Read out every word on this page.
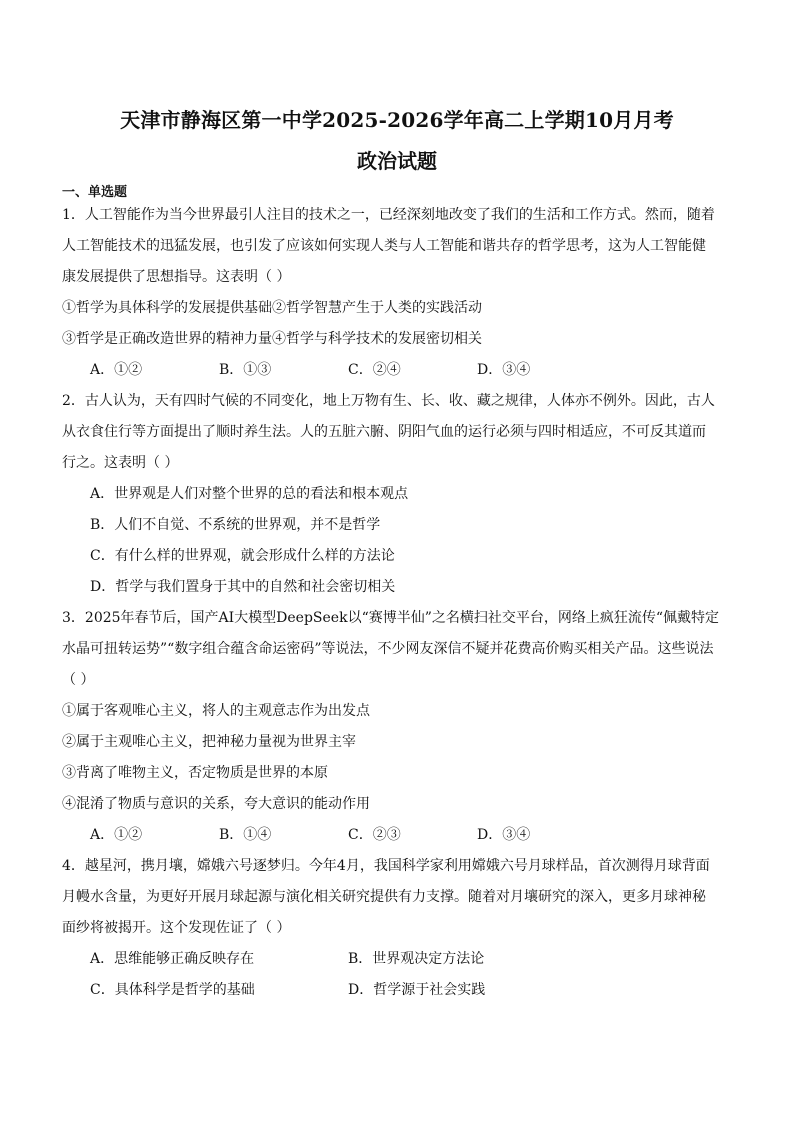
天津市静海区第一中学2025-2026学年高二上学期10月月考
政治试题
一、单选题

1．人工智能作为当今世界最引人注目的技术之一，已经深刻地改变了我们的生活和工作方式。然而，随着

人工智能技术的迅猛发展，也引发了应该如何实现人类与人工智能和谐共存的哲学思考，这为人工智能健

康发展提供了思想指导。这表明（ ）

①哲学为具体科学的发展提供基础②哲学智慧产生于人类的实践活动

③哲学是正确改造世界的精神力量④哲学与科学技术的发展密切相关

A．①②	B．①③	C．②④	D．③④

2．古人认为，天有四时气候的不同变化，地上万物有生、长、收、藏之规律，人体亦不例外。因此，古人

从衣食住行等方面提出了顺时养生法。人的五脏六腑、阴阳气血的运行必须与四时相适应，不可反其道而

行之。这表明（ ）

A．世界观是人们对整个世界的总的看法和根本观点

B．人们不自觉、不系统的世界观，并不是哲学

C．有什么样的世界观，就会形成什么样的方法论

D．哲学与我们置身于其中的自然和社会密切相关

3．2025年春节后，国产AI大模型DeepSeek以“赛博半仙”之名横扫社交平台，网络上疯狂流传“佩戴特定

水晶可扭转运势”“数字组合蕴含命运密码”等说法，不少网友深信不疑并花费高价购买相关产品。这些说法

（ ）

①属于客观唯心主义，将人的主观意志作为出发点

②属于主观唯心主义，把神秘力量视为世界主宰

③背离了唯物主义，否定物质是世界的本原

④混淆了物质与意识的关系，夸大意识的能动作用

A．①②	B．①④	C．②③	D．③④

4．越星河，携月壤，嫦娥六号逐梦归。今年4月，我国科学家利用嫦娥六号月球样品，首次测得月球背面

月幔水含量，为更好开展月球起源与演化相关研究提供有力支撑。随着对月壤研究的深入，更多月球神秘

面纱将被揭开。这个发现佐证了（ ）

A．思维能够正确反映存在	B．世界观决定方法论
C．具体科学是哲学的基础	D．哲学源于社会实践
